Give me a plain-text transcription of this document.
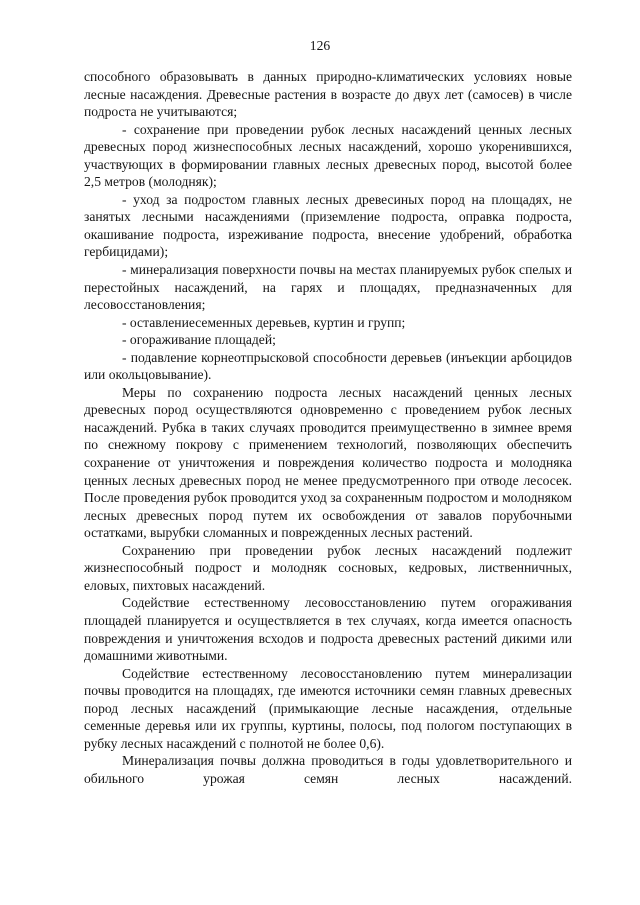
126

способного образовывать в данных природно-климатических условиях новые лесные насаждения. Древесные растения в возрасте до двух лет (самосев) в числе подроста не учитываются;

- сохранение при проведении рубок лесных насаждений ценных лесных древесных пород жизнеспособных лесных насаждений, хорошо укоренившихся, участвующих в формировании главных лесных древесных пород, высотой более 2,5 метров (молодняк);

- уход за подростом главных лесных древесиных пород на площадях, не занятых лесными насаждениями (приземление подроста, оправка подроста, окашивание подроста, изреживание подроста, внесение удобрений, обработка гербицидами);

- минерализация поверхности почвы на местах планируемых рубок спелых и перестойных насаждений, на гарях и площадях, предназначенных для лесовосстановления;

- оставлениесеменных деревьев, куртин и групп;

- огораживание площадей;

- подавление корнеотпрысковой способности деревьев (инъекции арбоцидов или окольцовывание).

Меры по сохранению подроста лесных насаждений ценных лесных древесных пород осуществляются одновременно с проведением рубок лесных насаждений. Рубка в таких случаях проводится преимущественно в зимнее время по снежному покрову с применением технологий, позволяющих обеспечить сохранение от уничтожения и повреждения количество подроста и молодняка ценных лесных древесных пород не менее предусмотренного при отводе лесосек. После проведения рубок проводится уход за сохраненным подростом и молодняком лесных древесных пород путем их освобождения от завалов порубочными остатками, вырубки сломанных и поврежденных лесных растений.

Сохранению при проведении рубок лесных насаждений подлежит жизнеспособный подрост и молодняк сосновых, кедровых, лиственничных, еловых, пихтовых насаждений.

Содействие естественному лесовосстановлению путем огораживания площадей планируется и осуществляется в тех случаях, когда имеется опасность повреждения и уничтожения всходов и подроста древесных растений дикими или домашними животными.

Содействие естественному лесовосстановлению путем минерализации почвы проводится на площадях, где имеются источники семян главных древесных пород лесных насаждений (примыкающие лесные насаждения, отдельные семенные деревья или их группы, куртины, полосы, под пологом поступающих в рубку лесных насаждений с полнотой не более 0,6).

Минерализация почвы должна проводиться в годы удовлетворительного и обильного урожая семян лесных насаждений.
